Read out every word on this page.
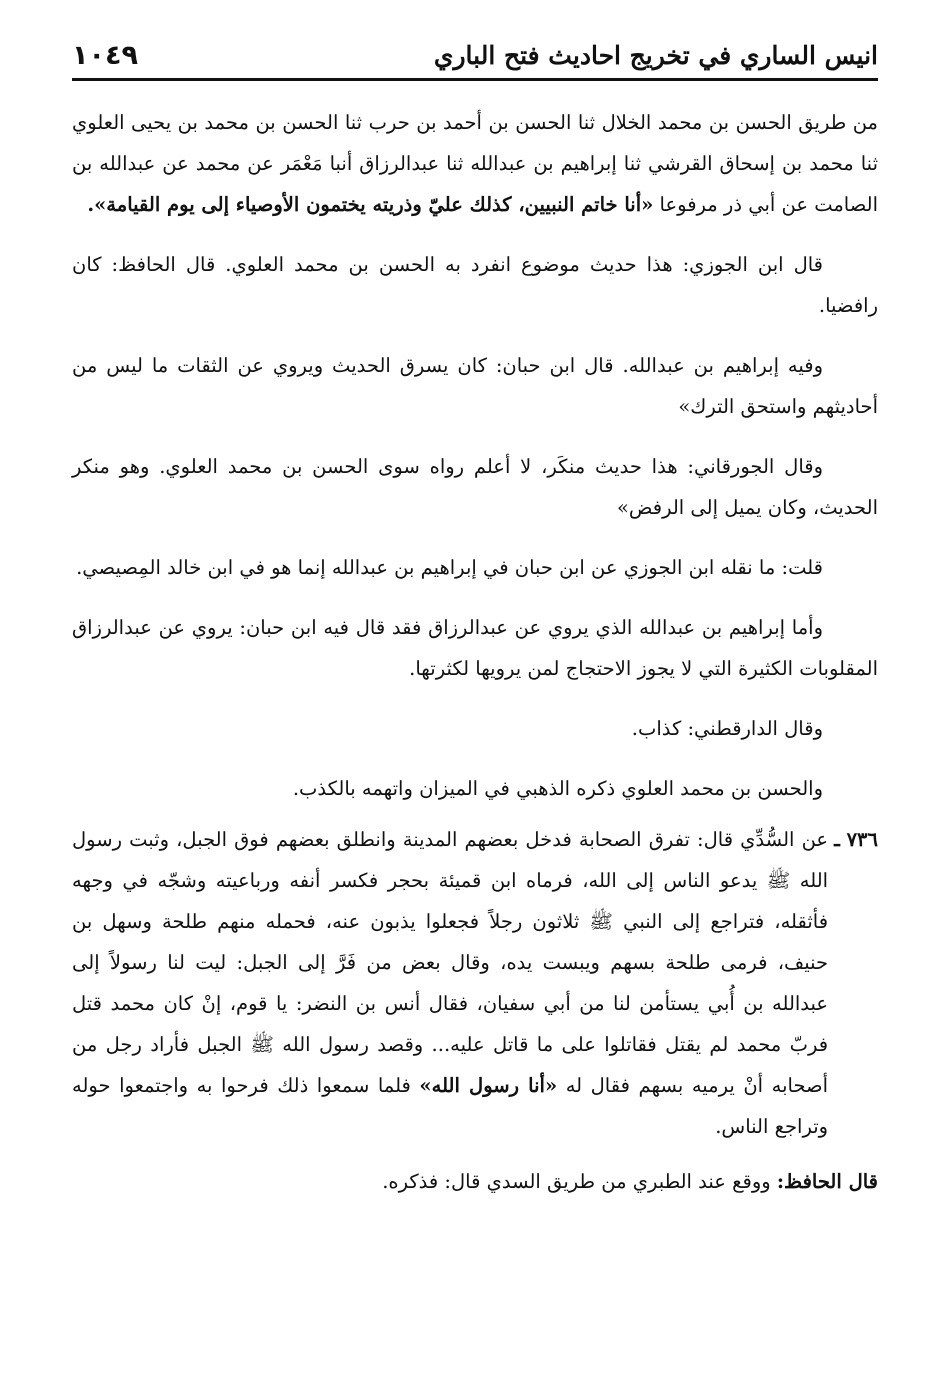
انيس الساري في تخريج احاديث فتح الباري
١٠٤٩

من طريق الحسن بن محمد الخلال ثنا الحسن بن أحمد بن حرب ثنا الحسن بن محمد بن يحيى العلوي ثنا محمد بن إسحاق القرشي ثنا إبراهيم بن عبدالله ثنا عبدالرزاق أنبا مَعْمَر عن محمد عن عبدالله بن الصامت عن أبي ذر مرفوعا «أنا خاتم النبيين، كذلك عليّ وذريته يختمون الأوصياء إلى يوم القيامة».

قال ابن الجوزي: هذا حديث موضوع انفرد به الحسن بن محمد العلوي. قال الحافظ: كان رافضيا.

وفيه إبراهيم بن عبدالله. قال ابن حبان: كان يسرق الحديث ويروي عن الثقات ما ليس من أحاديثهم واستحق الترك»

وقال الجورقاني: هذا حديث منكَر، لا أعلم رواه سوى الحسن بن محمد العلوي. وهو منكر الحديث، وكان يميل إلى الرفض»

قلت: ما نقله ابن الجوزي عن ابن حبان في إبراهيم بن عبدالله إنما هو في ابن خالد المِصيصي.

وأما إبراهيم بن عبدالله الذي يروي عن عبدالرزاق فقد قال فيه ابن حبان: يروي عن عبدالرزاق المقلوبات الكثيرة التي لا يجوز الاحتجاج لمن يرويها لكثرتها.

وقال الدارقطني: كذاب.

والحسن بن محمد العلوي ذكره الذهبي في الميزان واتهمه بالكذب.

٧٣٦ ـ
عن السُّدِّي قال: تفرق الصحابة فدخل بعضهم المدينة وانطلق بعضهم فوق الجبل، وثبت رسول الله ﷺ يدعو الناس إلى الله، فرماه ابن قميئة بحجر فكسر أنفه ورباعيته وشجّه في وجهه فأثقله، فتراجع إلى النبي ﷺ ثلاثون رجلاً فجعلوا يذبون عنه، فحمله منهم طلحة وسهل بن حنيف، فرمى طلحة بسهم ويبست يده، وقال بعض من فَرَّ إلى الجبل: ليت لنا رسولاً إلى عبدالله بن أُبي يستأمن لنا من أبي سفيان، فقال أنس بن النضر: يا قوم، إنْ كان محمد قتل فربّ محمد لم يقتل فقاتلوا على ما قاتل عليه... وقصد رسول الله ﷺ الجبل فأراد رجل من أصحابه أنْ يرميه بسهم فقال له «أنا رسول الله» فلما سمعوا ذلك فرحوا به واجتمعوا حوله وتراجع الناس.

قال الحافظ: ووقع عند الطبري من طريق السدي قال: فذكره.
